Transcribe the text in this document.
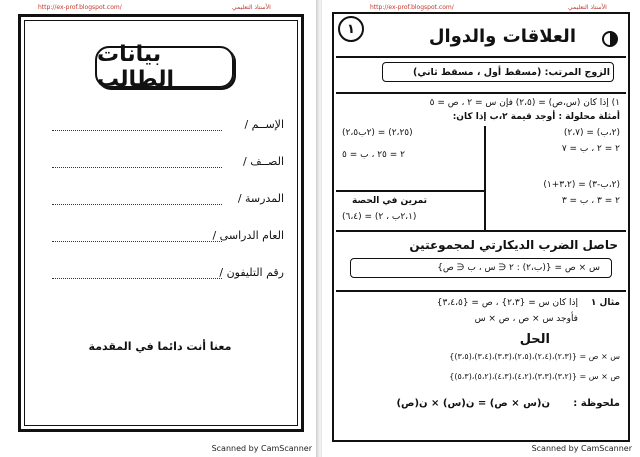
http://ex-prof.blogspot.com/	الأستاذ التعليمي
بيانات الطالب
الإســم /
الصــف /
المدرسة /
العام الدراسى /
رقم التليفون /
معنا أنت دائما في المقدمة
Scanned by CamScanner
http://ex-prof.blogspot.com/	الأستاذ التعليمي
١	العلاقات والدوال
الزوج المرتب: (مسقط أول ، مسقط ثاني)
١) إذا كان (س،ص) = (٢،٥) فإن س = ٢ ، ص = ٥
أمثلة محلولة : أوجد قيمة ٢،ب إذا كان:
(٢،ب) = (٢،٧)
٢ = ٢ ، ب = ٧
(٢،ب-٣) = (٣،٢+١)
٢ = ٣ ، ب = ٣
(٢،٢٥) = (٢ب٢،٥)
٢ = ٢٥ ، ب = ٥
تمرين في الحصة
(٢،١ب ، ٢) = (٦،٤)
حاصل الضرب الديكارتي لمجموعتين
س × ص = {(ب،٢) : ٢ ∈ س ، ب ∈ ص}
مثال ١
إذا كان س = {٢،٣} ، ص = {٣،٤،٥}
فأوجد س × ص ، ص × س
الحل
س × ص = {(٢،٣)،(٢،٤)،(٢،٥)،(٣،٣)،(٣،٤)،(٣،٥)}
ص × س = {(٣،٢)،(٣،٣)،(٤،٢)،(٤،٣)،(٥،٢)،(٥،٣)}
ملحوظة :
ن(س × ص) = ن(س) × ن(ص)
Scanned by CamScanner
